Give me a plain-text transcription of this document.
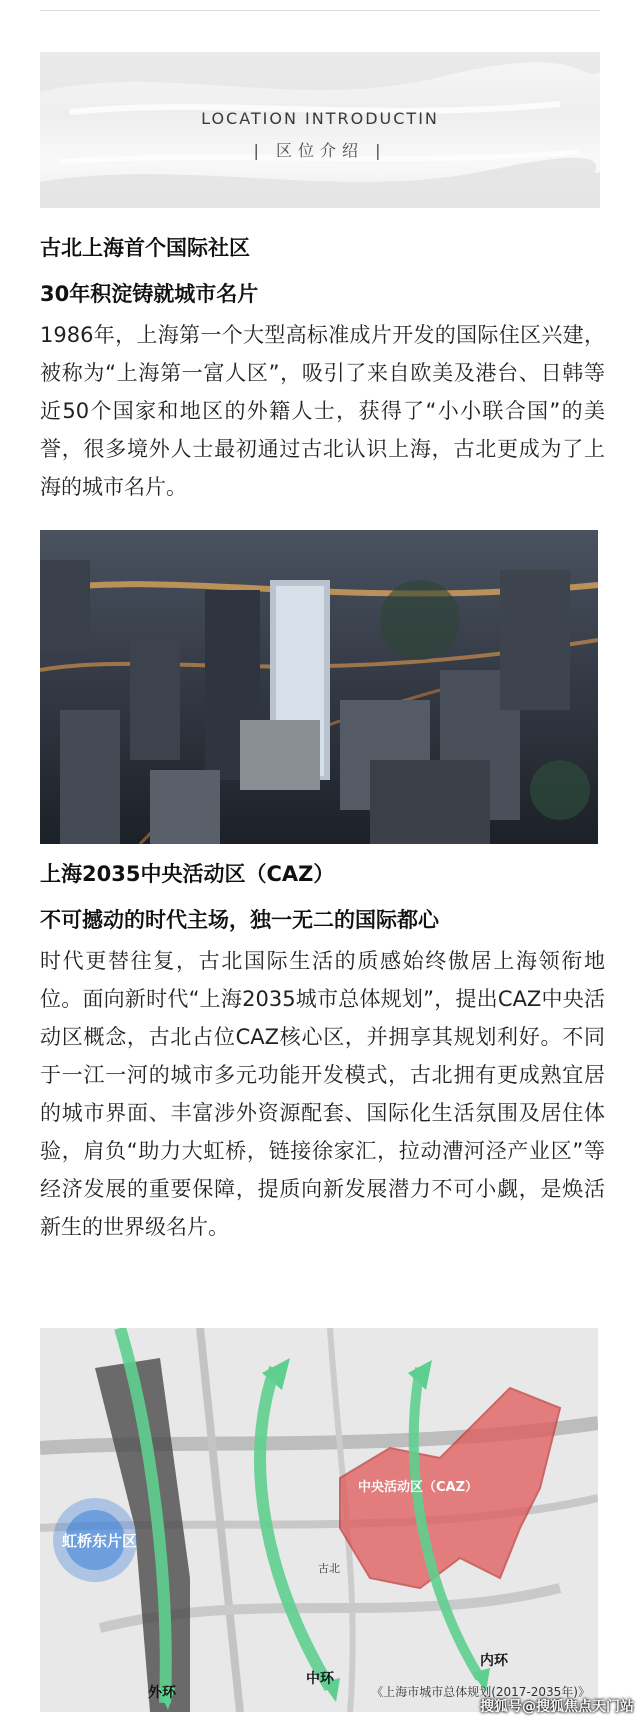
LOCATION INTRODUCTIN
| 区位介绍 |
古北上海首个国际社区
30年积淀铸就城市名片
1986年，上海第一个大型高标准成片开发的国际住区兴建，被称为“上海第一富人区”，吸引了来自欧美及港台、日韩等近50个国家和地区的外籍人士，获得了“小小联合国”的美誉，很多境外人士最初通过古北认识上海，古北更成为了上海的城市名片。
上海2035中央活动区（CAZ）
不可撼动的时代主场，独一无二的国际都心
时代更替往复，古北国际生活的质感始终傲居上海领衔地位。面向新时代“上海2035城市总体规划”，提出CAZ中央活动区概念，古北占位CAZ核心区，并拥享其规划利好。不同于一江一河的城市多元功能开发模式，古北拥有更成熟宜居的城市界面、丰富涉外资源配套、国际化生活氛围及居住体验，肩负“助力大虹桥，链接徐家汇，拉动漕河泾产业区”等经济发展的重要保障，提质向新发展潜力不可小觑，是焕活新生的世界级名片。
虹桥东片区
中央活动区（CAZ）
古北
外环
中环
内环
《上海市城市总体规划(2017-2035年)》
搜狐号@搜狐焦点天门站
